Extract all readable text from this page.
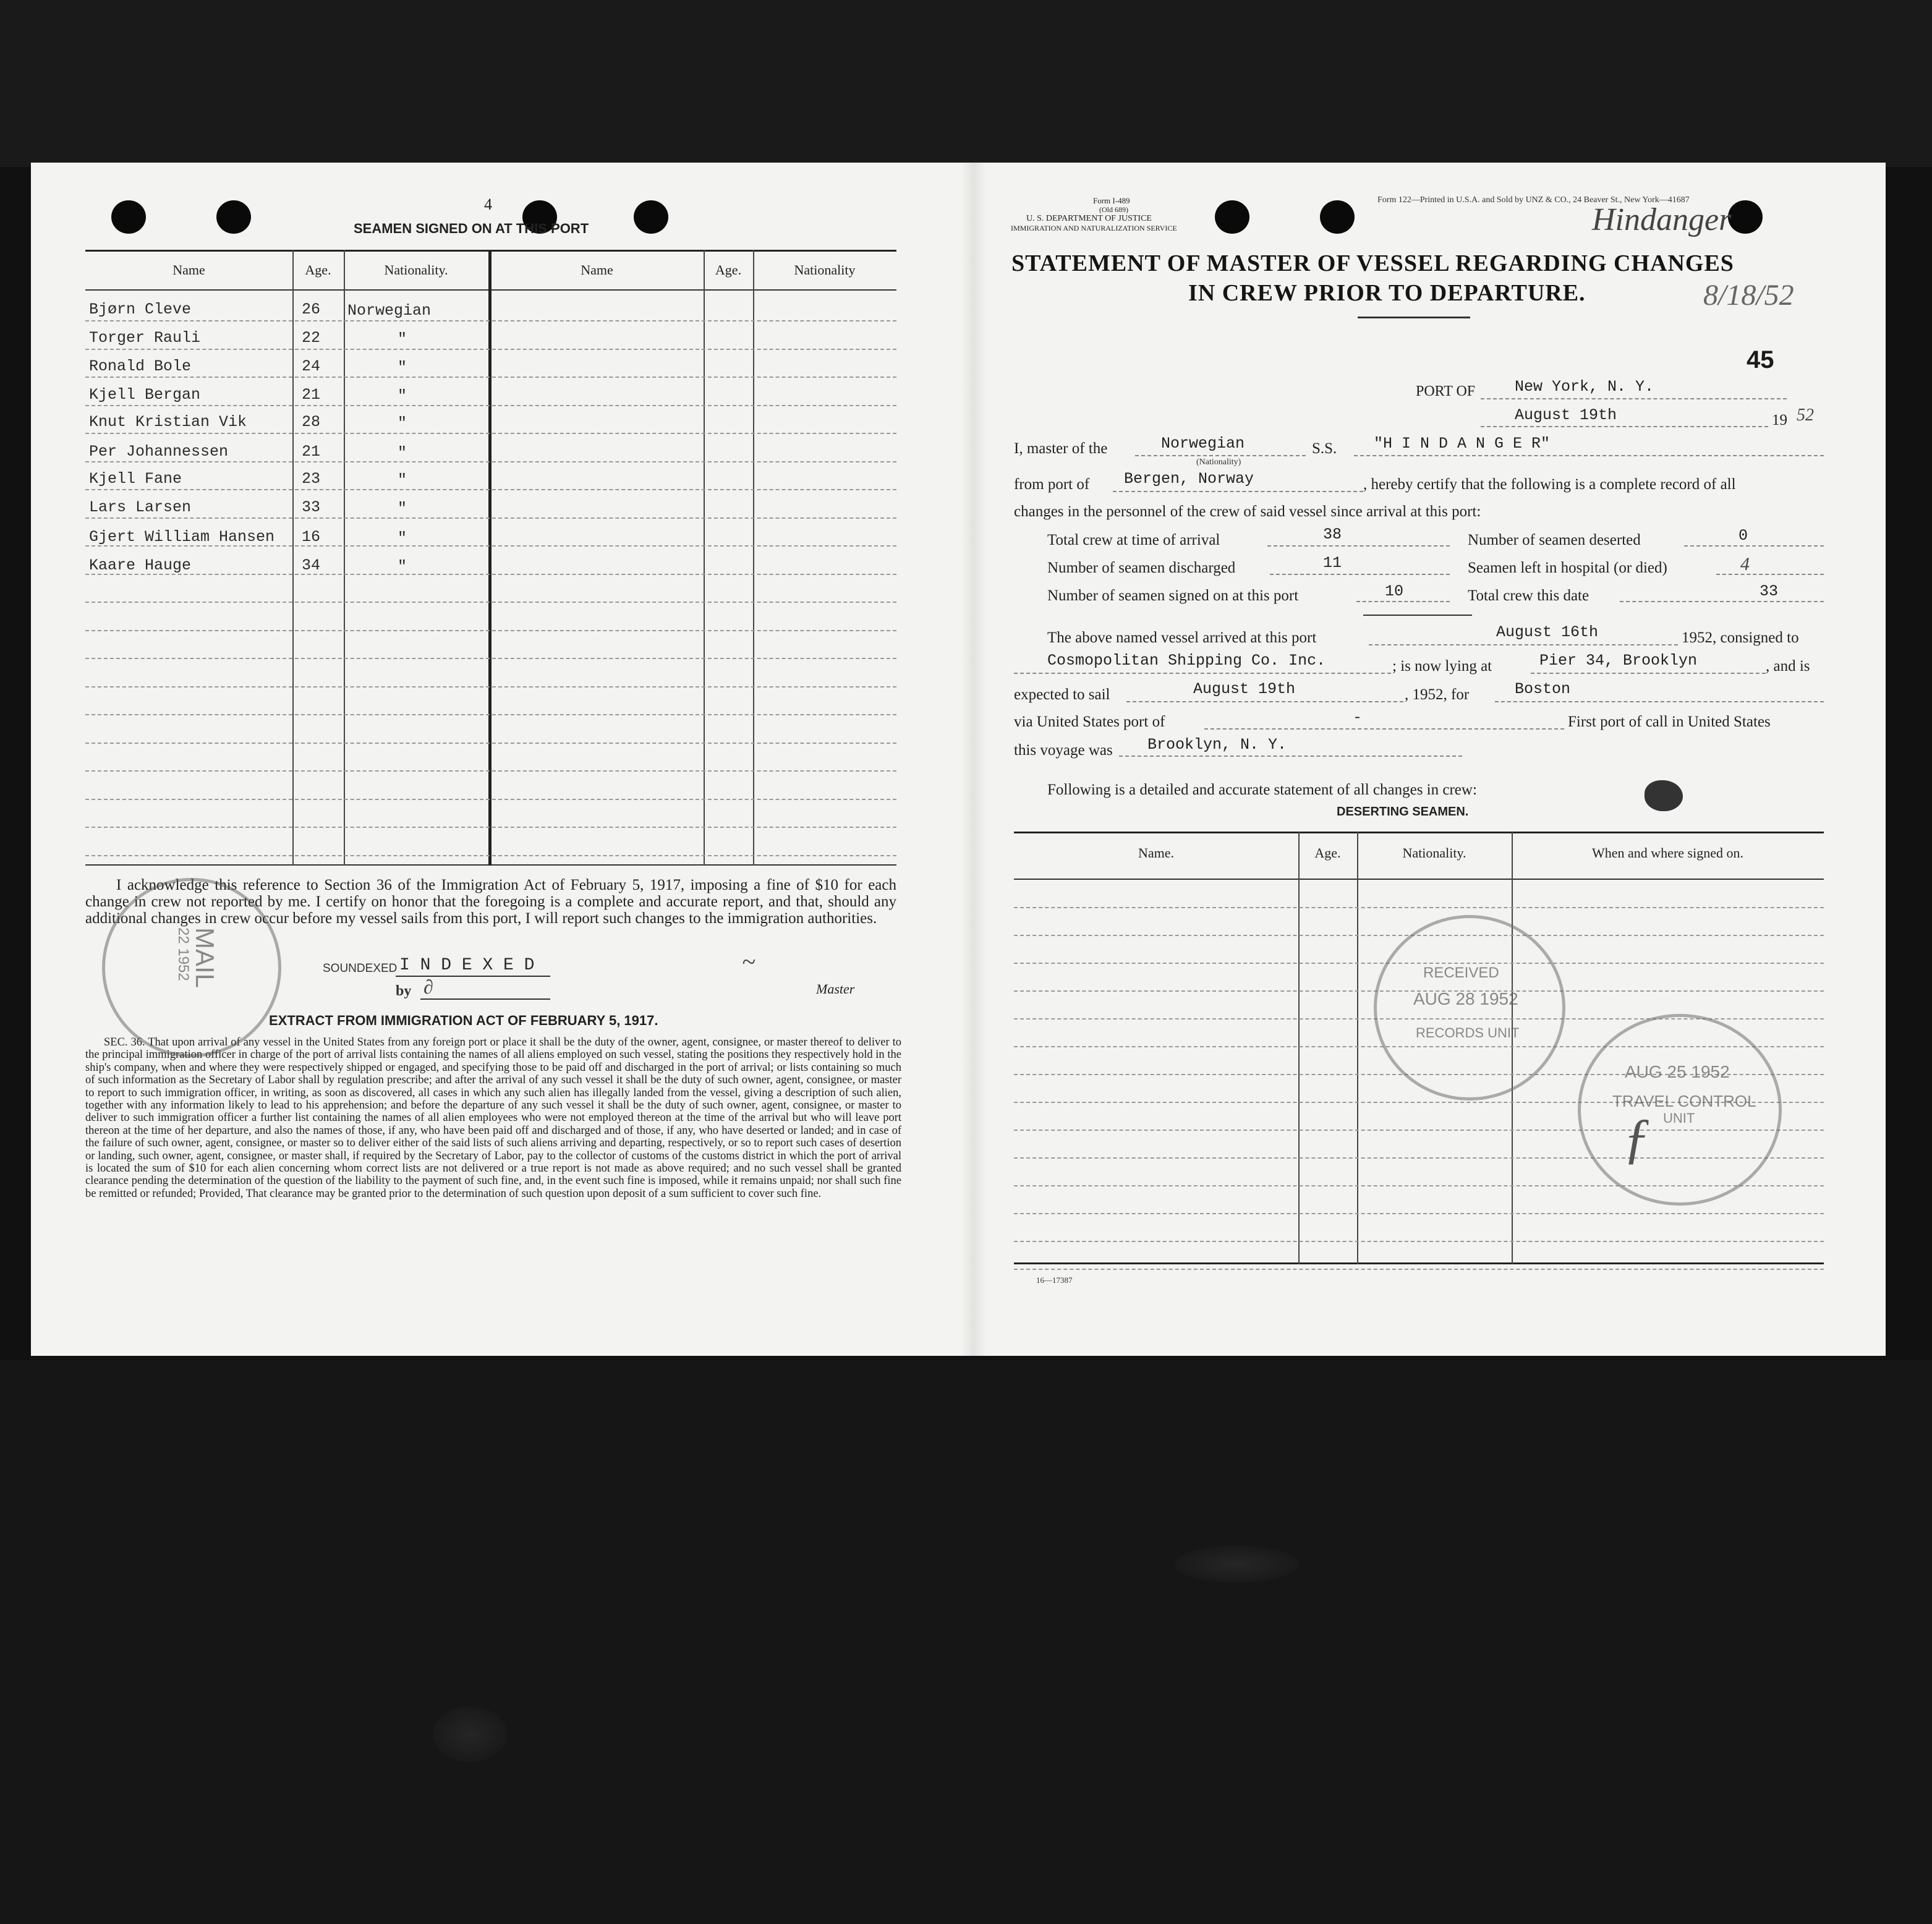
4
SEAMEN SIGNED ON AT THIS PORT
Name	Age.	Nationality.	Name	Age.	Nationality
Bjørn Cleve	26 Norwegian
Torger Rauli	22	"
Ronald Bole	24	"
Kjell Bergan	21	"
Knut Kristian Vik	28	"
Per Johannessen	21	"
Kjell Fane	23	"
Lars Larsen	33	"
Gjert William Hansen 16	"
Kaare Hauge	34	"
I acknowledge this reference to Section 36 of the Immigration Act of February 5, 1917, imposing a fine of $10 for each change in crew not reported by me. I certify on honor that the foregoing is a complete and accurate report, and that, should any additional changes in crew occur before my vessel sails from this port, I will report such changes to the immigration authorities.
SOUNDEXED I N D E X E D
by ∂
~
Master
EXTRACT FROM IMMIGRATION ACT OF FEBRUARY 5, 1917.
SEC. 36. That upon arrival of any vessel in the United States from any foreign port or place it shall be the duty of the owner, agent, consignee, or master thereof to deliver to the principal immigration officer in charge of the port of arrival lists containing the names of all aliens employed on such vessel, stating the positions they respectively hold in the ship's company, when and where they were respectively shipped or engaged, and specifying those to be paid off and discharged in the port of arrival; or lists containing so much of such information as the Secretary of Labor shall by regulation prescribe; and after the arrival of any such vessel it shall be the duty of such owner, agent, consignee, or master to report to such immigration officer, in writing, as soon as discovered, all cases in which any such alien has illegally landed from the vessel, giving a description of such alien, together with any information likely to lead to his apprehension; and before the departure of any such vessel it shall be the duty of such owner, agent, consignee, or master to deliver to such immigration officer a further list containing the names of all alien employees who were not employed thereon at the time of the arrival but who will leave port thereon at the time of her departure, and also the names of those, if any, who have been paid off and discharged and of those, if any, who have deserted or landed; and in case of the failure of such owner, agent, consignee, or master so to deliver either of the said lists of such aliens arriving and departing, respectively, or so to report such cases of desertion or landing, such owner, agent, consignee, or master shall, if required by the Secretary of Labor, pay to the collector of customs of the customs district in which the port of arrival is located the sum of $10 for each alien concerning whom correct lists are not delivered or a true report is not made as above required; and no such vessel shall be granted clearance pending the determination of the question of the liability to the payment of such fine, and, in the event such fine is imposed, while it remains unpaid; nor shall such fine be remitted or refunded; Provided, That clearance may be granted prior to the determination of such question upon deposit of a sum sufficient to cover such fine.
MAIL
22 1952
Form I-489
(Old 689)
U. S. DEPARTMENT OF JUSTICE
IMMIGRATION AND NATURALIZATION SERVICE
Form 122—Printed in U.S.A. and Sold by UNZ & CO., 24 Beaver St., New York—41687
STATEMENT OF MASTER OF VESSEL REGARDING CHANGES
IN CREW PRIOR TO DEPARTURE.
Hindanger
8/18/52
45
PORT OF	New York, N. Y.
August 19th	19 52
I, master of the	Norwegian
(Nationality)
S.S. "H I N D A N G E R"
from port of Bergen, Norway	, hereby certify that the following is a complete record of all
changes in the personnel of the crew of said vessel since arrival at this port:
Total crew at time of arrival	38	Number of seamen deserted	0
Number of seamen discharged	11	Seamen left in hospital (or died)	4
Number of seamen signed on at this port	10	Total crew this date	33
The above named vessel arrived at this port	August 16th	1952, consigned to
Cosmopolitan Shipping Co. Inc.	; is now lying at	Pier 34, Brooklyn	, and is
expected to sail	August 19th	, 1952, for	Boston
via United States port of	-	First port of call in United States
this voyage was Brooklyn, N. Y.
Following is a detailed and accurate statement of all changes in crew:
DESERTING SEAMEN.
Name.	Age.	Nationality.	When and where signed on.
RECEIVED
AUG 28 1952
RECORDS UNIT
AUG 25 1952
TRAVEL CONTROL
UNIT
ƒ
16—17387
